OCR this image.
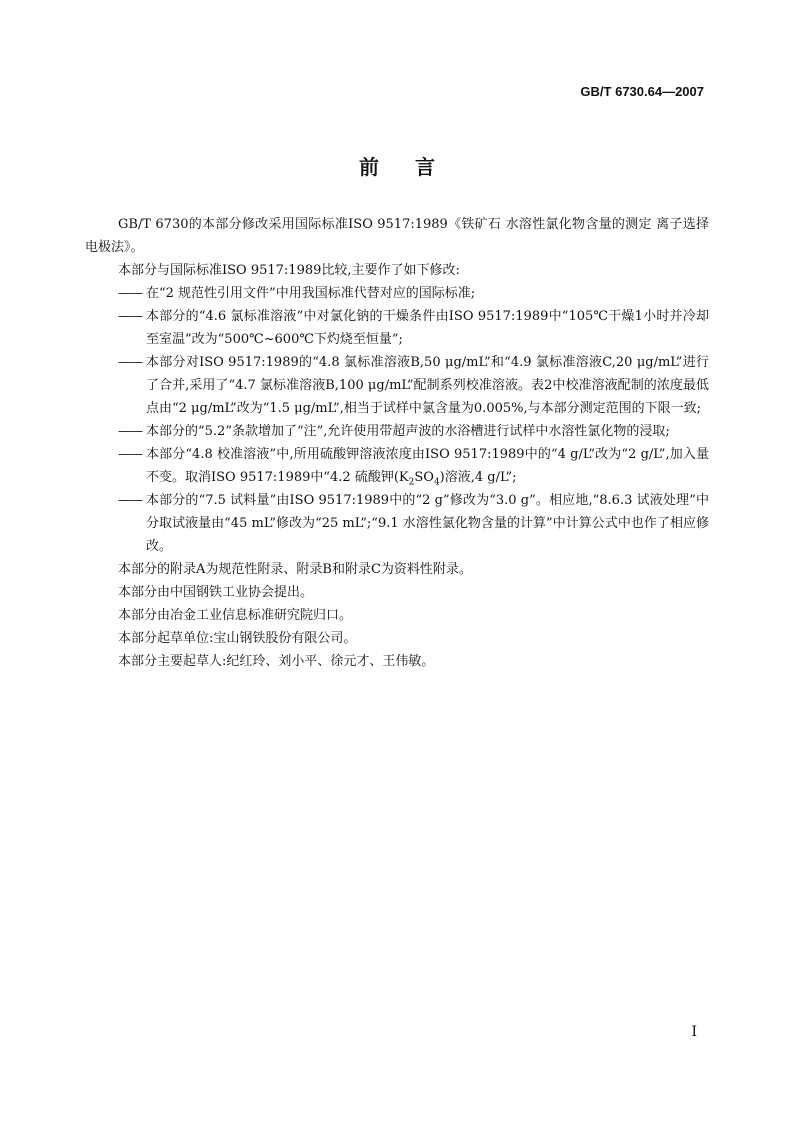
GB/T 6730.64—2007
前言

GB/T 6730的本部分修改采用国际标准ISO 9517:1989《铁矿石 水溶性氯化物含量的测定 离子选择电极法》。

本部分与国际标准ISO 9517:1989比较,主要作了如下修改:

—— 在“2 规范性引用文件”中用我国标准代替对应的国际标准;

—— 本部分的“4.6 氯标准溶液”中对氯化钠的干燥条件由ISO 9517:1989中“105℃干燥1小时并冷却至室温”改为“500℃~600℃下灼烧至恒量”;

—— 本部分对ISO 9517:1989的“4.8 氯标准溶液B,50 μg/mL”和“4.9 氯标准溶液C,20 μg/mL”进行了合并,采用了“4.7 氯标准溶液B,100 μg/mL”配制系列校准溶液。表2中校准溶液配制的浓度最低点由“2 μg/mL”改为“1.5 μg/mL”,相当于试样中氯含量为0.005%,与本部分测定范围的下限一致;

—— 本部分的“5.2”条款增加了“注”,允许使用带超声波的水浴槽进行试样中水溶性氯化物的浸取;

—— 本部分“4.8 校准溶液”中,所用硫酸钾溶液浓度由ISO 9517:1989中的“4 g/L”改为“2 g/L”,加入量不变。取消ISO 9517:1989中“4.2 硫酸钾$(K_2SO_4)$溶液,4 g/L”;

—— 本部分的“7.5 试料量”由ISO 9517:1989中的“2 g”修改为“3.0 g”。相应地,“8.6.3 试液处理”中分取试液量由“45 mL”修改为“25 mL”;“9.1 水溶性氯化物含量的计算”中计算公式中也作了相应修改。

本部分的附录A为规范性附录、附录B和附录C为资料性附录。

本部分由中国钢铁工业协会提出。

本部分由冶金工业信息标准研究院归口。

本部分起草单位:宝山钢铁股份有限公司。

本部分主要起草人:纪红玲、刘小平、徐元才、王伟敏。

I
